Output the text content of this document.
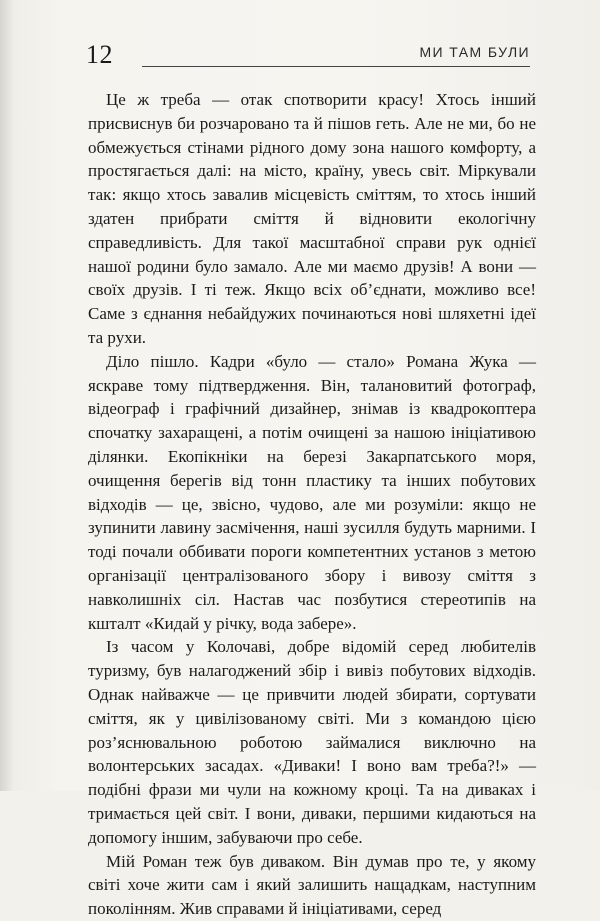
12	МИ ТАМ БУЛИ

Це ж треба — отак спотворити красу! Хтось інший присвиснув би розчаровано та й пішов геть. Але не ми, бо не обмежується стінами рідного дому зона нашого комфорту, а простягається далі: на місто, країну, увесь світ. Міркували так: якщо хтось завалив місцевість сміттям, то хтось інший здатен прибрати сміття й відновити екологічну справедливість. Для такої масштабної справи рук однієї нашої родини було замало. Але ми маємо друзів! А вони — своїх друзів. І ті теж. Якщо всіх об’єднати, можливо все! Саме з єднання небайдужих починаються нові шляхетні ідеї та рухи.

Діло пішло. Кадри «було — стало» Романа Жука — яскраве тому підтвердження. Він, талановитий фотограф, відеограф і графічний дизайнер, знімав із квадрокоптера спочатку захаращені, а потім очищені за нашою ініціативою ділянки. Екопікніки на березі Закарпатського моря, очищення берегів від тонн пластику та інших побутових відходів — це, звісно, чудово, але ми розуміли: якщо не зупинити лавину засмічення, наші зусилля будуть марними. І тоді почали оббивати пороги компетентних установ з метою організації централізованого збору і вивозу сміття з навколишніх сіл. Настав час позбутися стереотипів на кшталт «Кидай у річку, вода забере».

Із часом у Колочаві, добре відомій серед любителів туризму, був налагоджений збір і вивіз побутових відходів. Однак найважче — це привчити людей збирати, сортувати сміття, як у цивілізованому світі. Ми з командою цією роз’яснювальною роботою займалися виключно на волонтерських засадах. «Диваки! І воно вам треба?!» — подібні фрази ми чули на кожному кроці. Та на диваках і тримається цей світ. І вони, диваки, першими кидаються на допомогу іншим, забуваючи про себе.

Мій Роман теж був диваком. Він думав про те, у якому світі хоче жити сам і який залишить нащадкам, наступним поколінням. Жив справами й ініціативами, серед
